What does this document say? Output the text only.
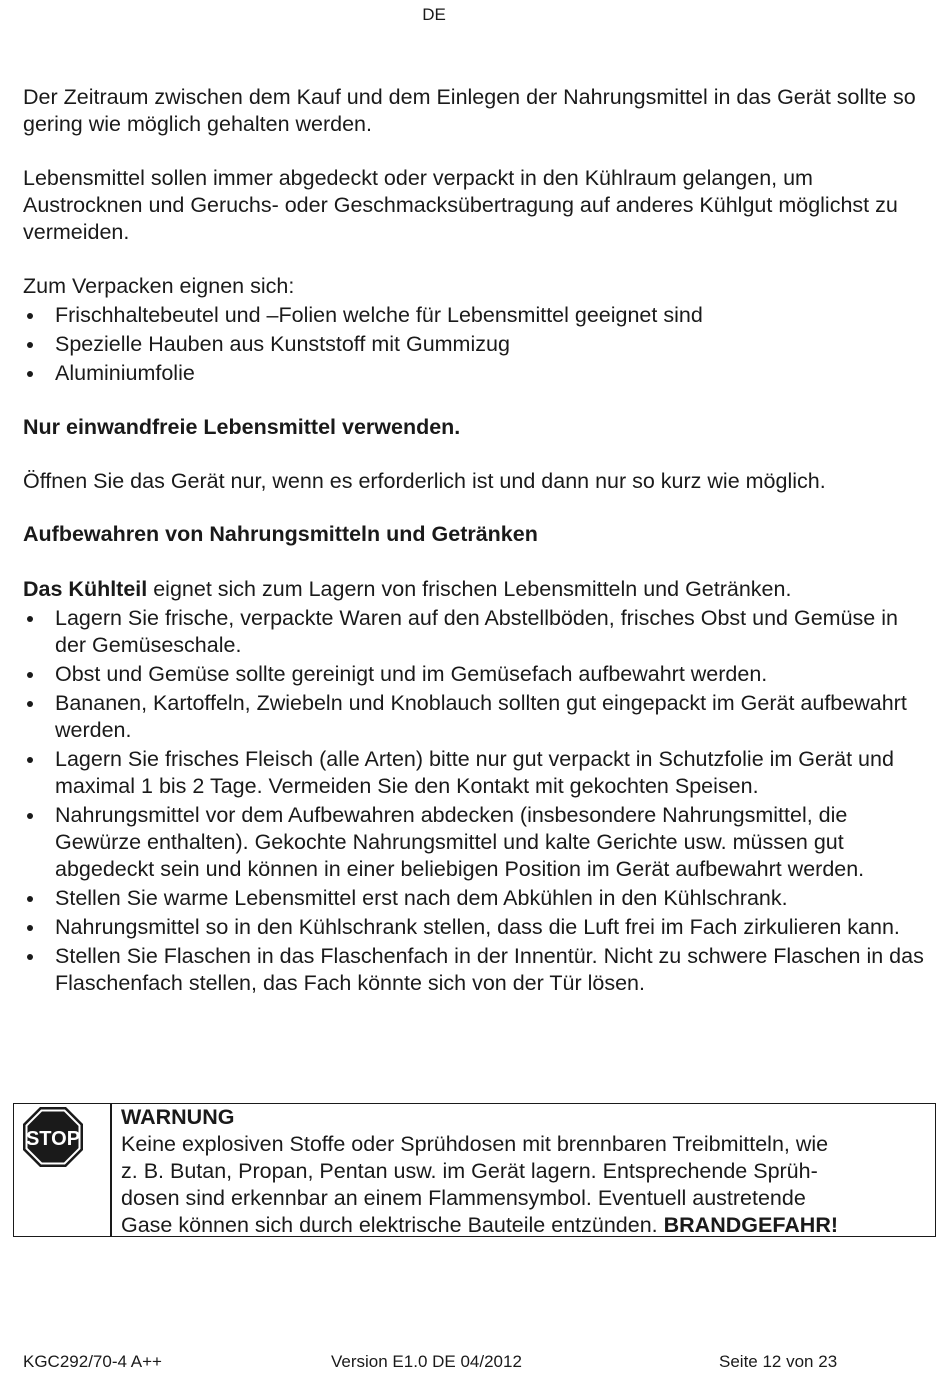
DE

Der Zeitraum zwischen dem Kauf und dem Einlegen der Nahrungsmittel in das Gerät sollte so gering wie möglich gehalten werden.

Lebensmittel sollen immer abgedeckt oder verpackt in den Kühlraum gelangen, um Austrocknen und Geruchs- oder Geschmacksübertragung auf anderes Kühlgut möglichst zu vermeiden.

Zum Verpacken eignen sich:

Frischhaltebeutel und –Folien welche für Lebensmittel geeignet sind
Spezielle Hauben aus Kunststoff mit Gummizug
Aluminiumfolie

Nur einwandfreie Lebensmittel verwenden.

Öffnen Sie das Gerät nur, wenn es erforderlich ist und dann nur so kurz wie möglich.

Aufbewahren von Nahrungsmitteln und Getränken

Das Kühlteil eignet sich zum Lagern von frischen Lebensmitteln und Getränken.

Lagern Sie frische, verpackte Waren auf den Abstellböden, frisches Obst und Gemüse in der Gemüseschale.
Obst und Gemüse sollte gereinigt und im Gemüsefach aufbewahrt werden.
Bananen, Kartoffeln, Zwiebeln und Knoblauch sollten gut eingepackt im Gerät aufbewahrt werden.
Lagern Sie frisches Fleisch (alle Arten) bitte nur gut verpackt in Schutzfolie im Gerät und maximal 1 bis 2 Tage. Vermeiden Sie den Kontakt mit gekochten Speisen.
Nahrungsmittel vor dem Aufbewahren abdecken (insbesondere Nahrungsmittel, die Gewürze enthalten). Gekochte Nahrungsmittel und kalte Gerichte usw. müssen gut abgedeckt sein und können in einer beliebigen Position im Gerät aufbewahrt werden.
Stellen Sie warme Lebensmittel erst nach dem Abkühlen in den Kühlschrank.
Nahrungsmittel so in den Kühlschrank stellen, dass die Luft frei im Fach zirkulieren kann.
Stellen Sie Flaschen in das Flaschenfach in der Innentür. Nicht zu schwere Flaschen in das Flaschenfach stellen, das Fach könnte sich von der Tür lösen.
STOP

WARNUNG

Keine explosiven Stoffe oder Sprühdosen mit brennbaren Treibmitteln, wie

z. B. Butan, Propan, Pentan usw. im Gerät lagern. Entsprechende Sprüh-

dosen sind erkennbar an einem Flammensymbol. Eventuell austretende

Gase können sich durch elektrische Bauteile entzünden. BRANDGEFAHR!

KGC292/70-4 A++	Version E1.0 DE 04/2012	Seite 12 von 23
